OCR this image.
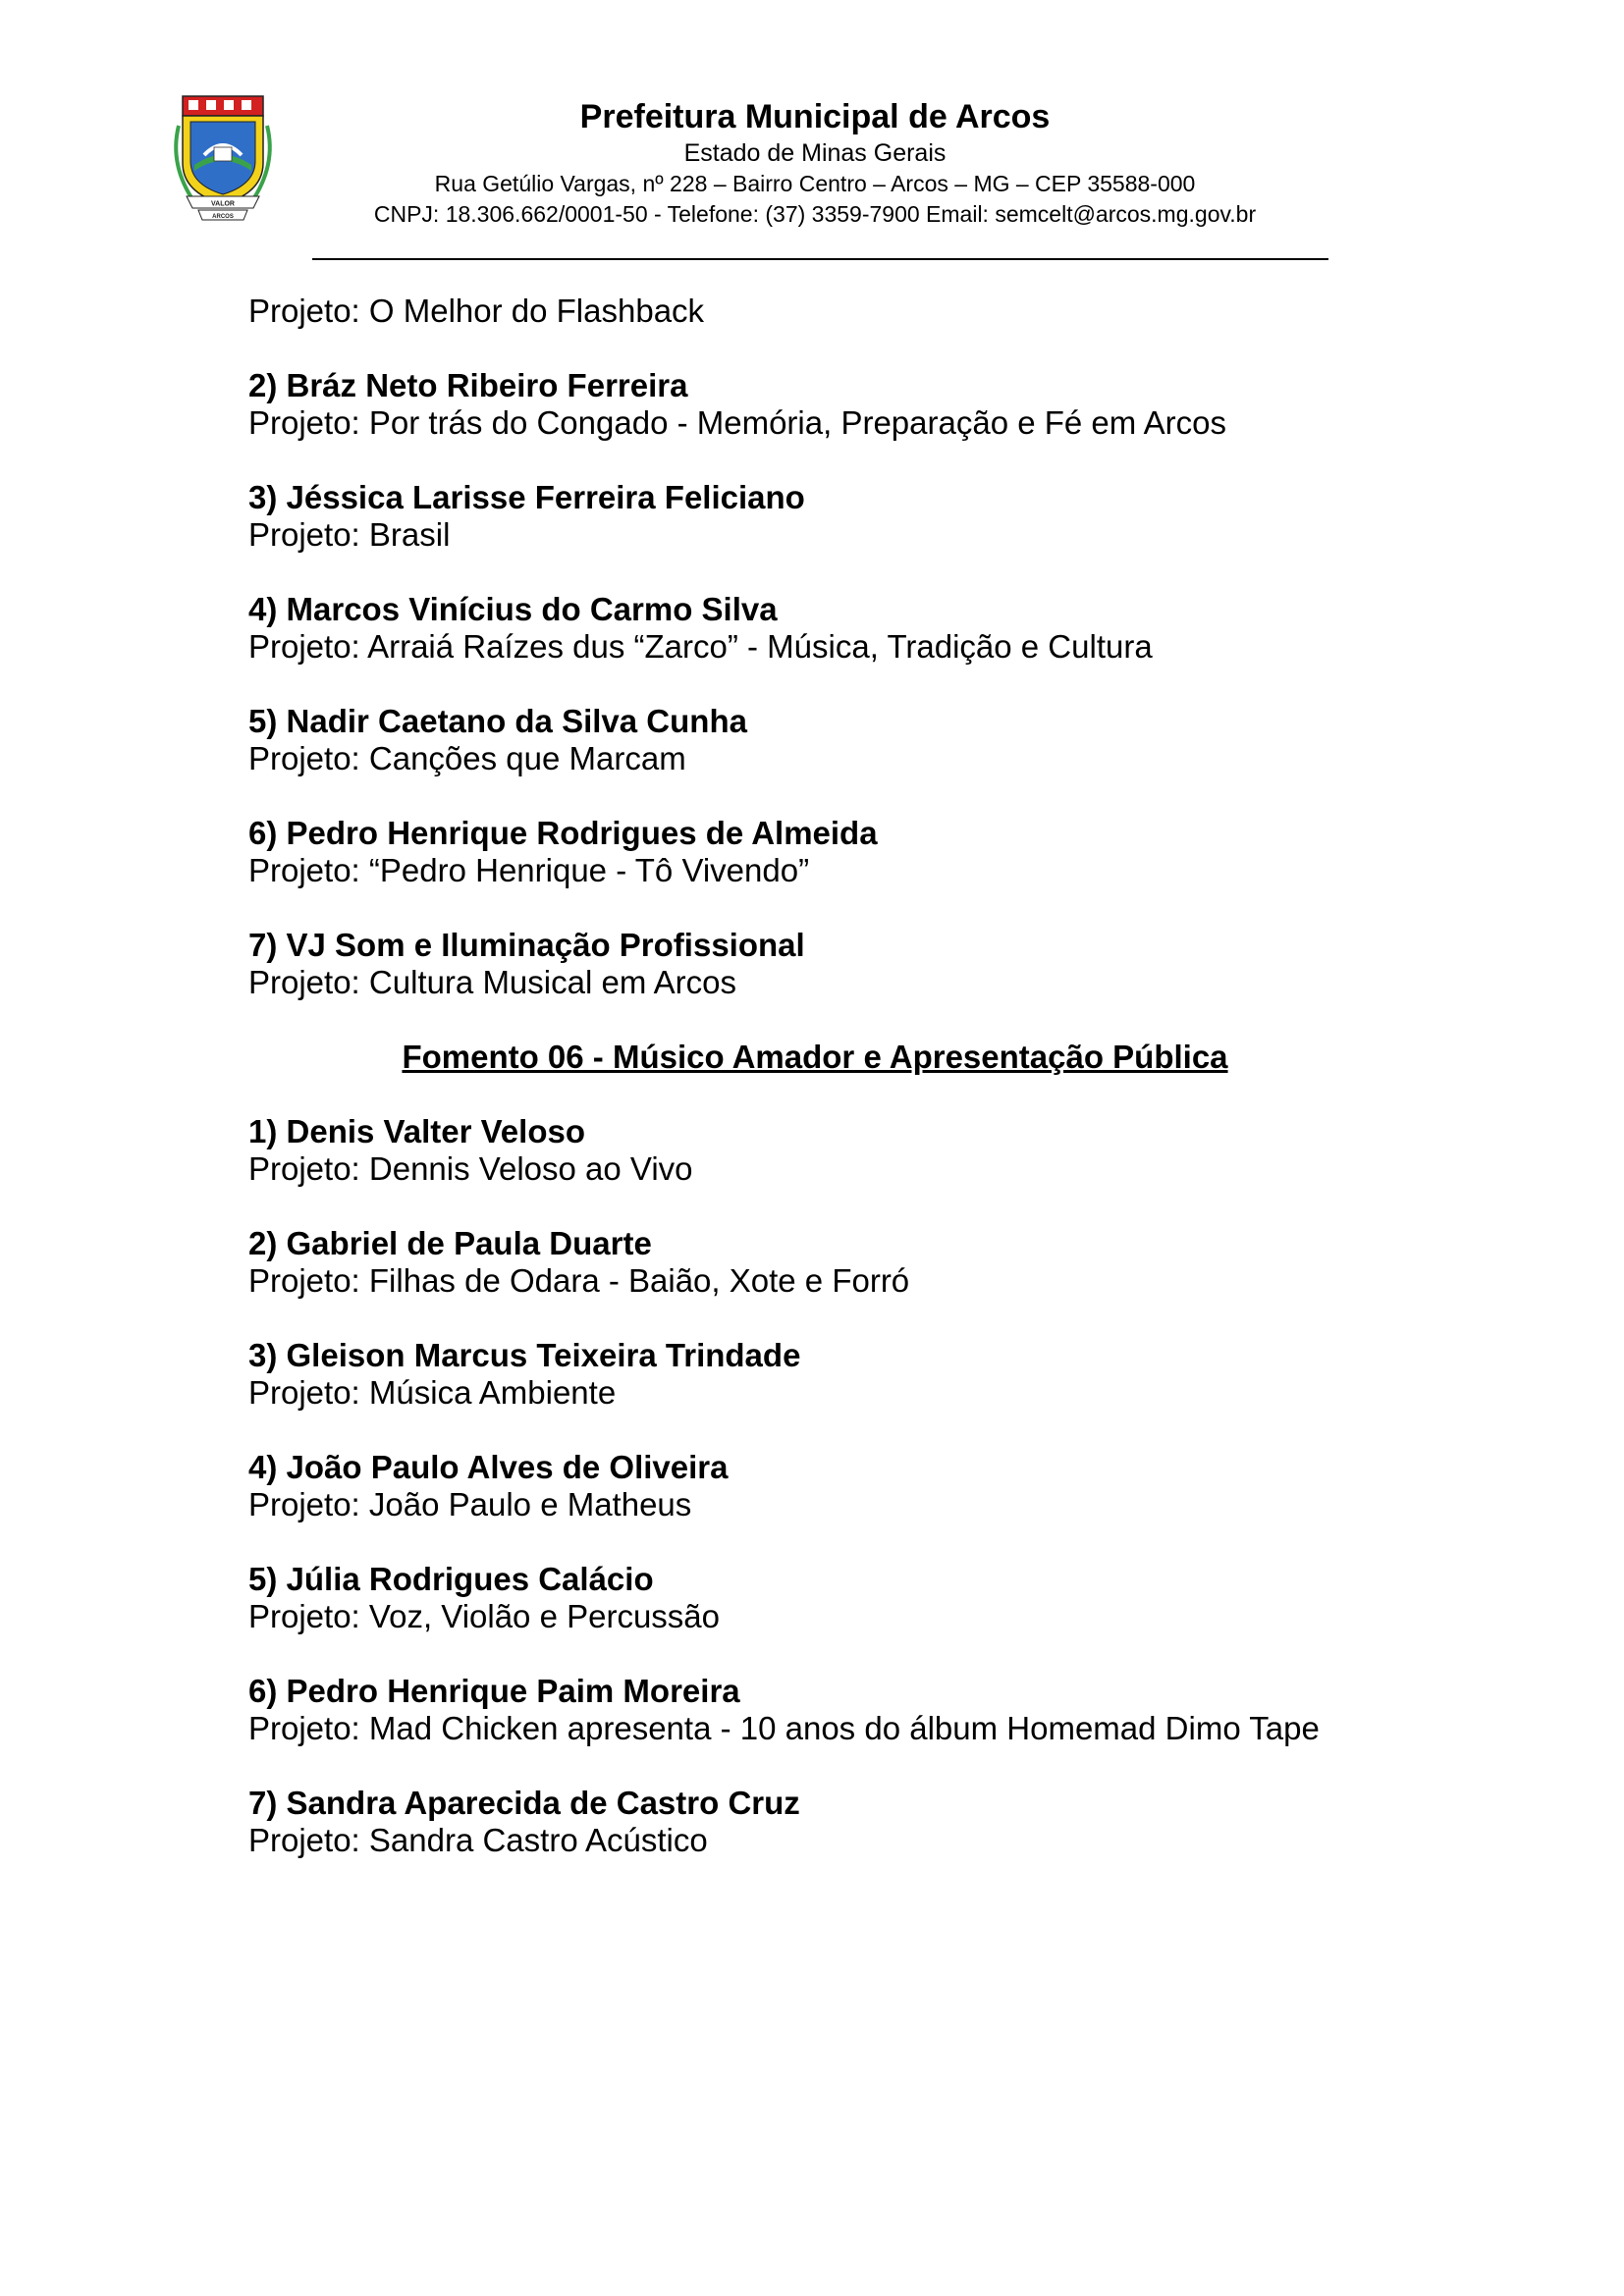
VALOR
ARCOS
Prefeitura Municipal de Arcos
Estado de Minas Gerais
Rua Getúlio Vargas, nº 228 – Bairro Centro – Arcos – MG – CEP 35588-000
CNPJ: 18.306.662/0001-50 - Telefone: (37) 3359-7900 Email: semcelt@arcos.mg.gov.br
Projeto: O Melhor do Flashback
2) Bráz Neto Ribeiro Ferreira
Projeto: Por trás do Congado - Memória, Preparação e Fé em Arcos
3) Jéssica Larisse Ferreira Feliciano
Projeto: Brasil
4) Marcos Vinícius do Carmo Silva
Projeto: Arraiá Raízes dus “Zarco” - Música, Tradição e Cultura
5) Nadir Caetano da Silva Cunha
Projeto: Canções que Marcam
6) Pedro Henrique Rodrigues de Almeida
Projeto: “Pedro Henrique - Tô Vivendo”
7) VJ Som e Iluminação Profissional
Projeto: Cultura Musical em Arcos
Fomento 06 - Músico Amador e Apresentação Pública
1) Denis Valter Veloso
Projeto: Dennis Veloso ao Vivo
2) Gabriel de Paula Duarte
Projeto: Filhas de Odara - Baião, Xote e Forró
3) Gleison Marcus Teixeira Trindade
Projeto: Música Ambiente
4) João Paulo Alves de Oliveira
Projeto: João Paulo e Matheus
5) Júlia Rodrigues Calácio
Projeto: Voz, Violão e Percussão
6) Pedro Henrique Paim Moreira
Projeto: Mad Chicken apresenta - 10 anos do álbum Homemad Dimo Tape
7) Sandra Aparecida de Castro Cruz
Projeto: Sandra Castro Acústico
